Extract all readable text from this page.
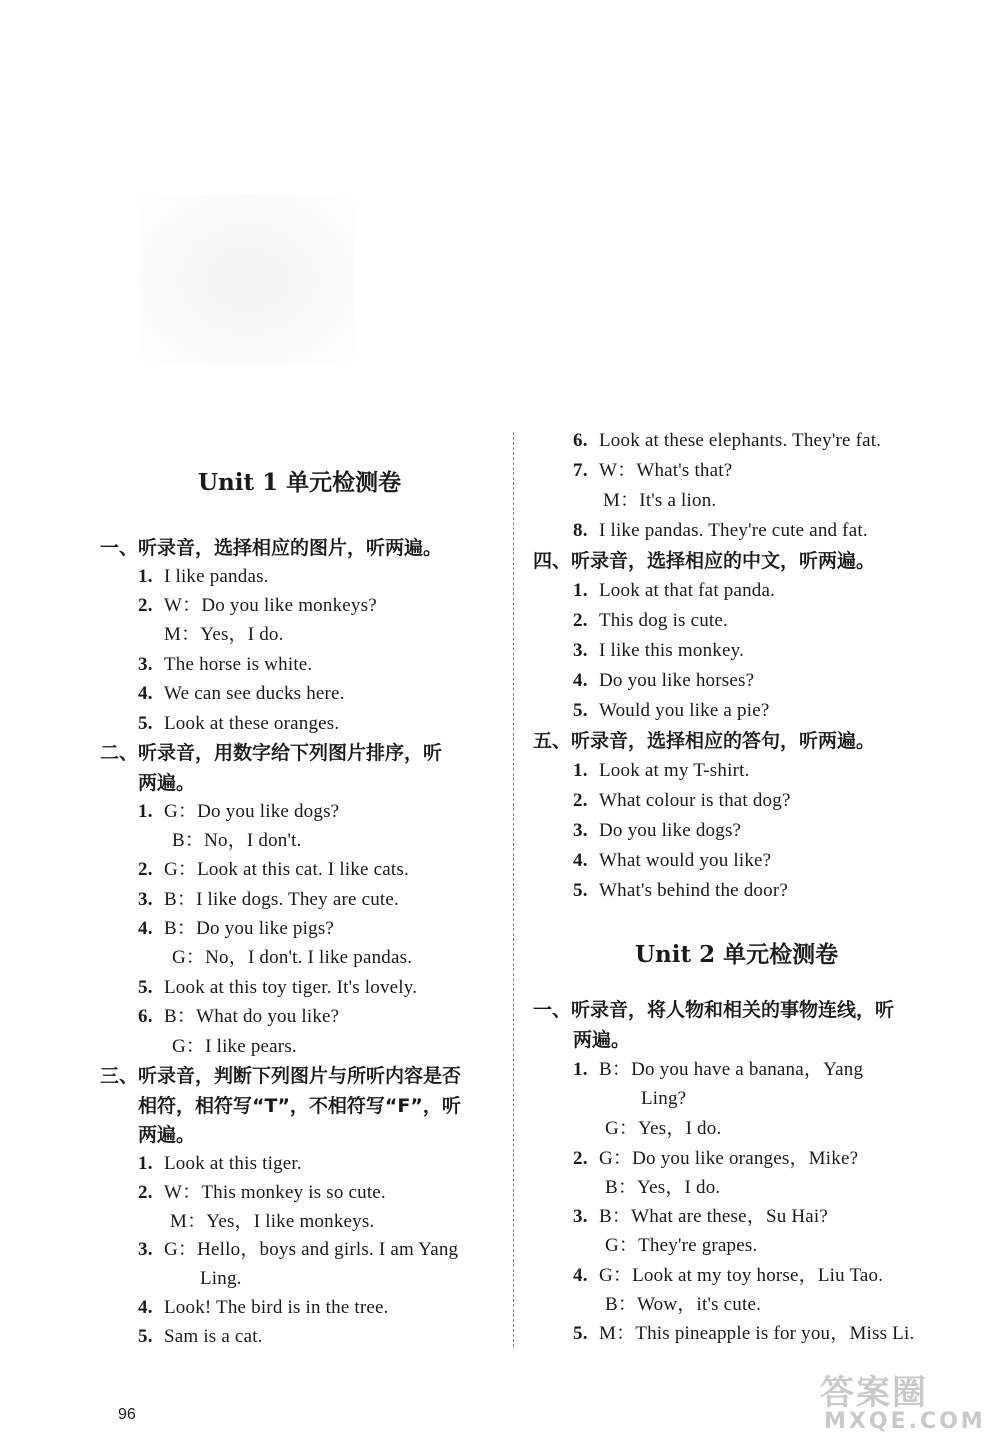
Unit 1 单元检测卷
一、听录音，选择相应的图片，听两遍。
1. I like pandas.
2. W：Do you like monkeys?
M：Yes，I do.
3. The horse is white.
4. We can see ducks here.
5. Look at these oranges.
二、听录音，用数字给下列图片排序，听
两遍。
1. G：Do you like dogs?
B：No，I don't.
2. G：Look at this cat. I like cats.
3. B：I like dogs. They are cute.
4. B：Do you like pigs?
G：No，I don't. I like pandas.
5. Look at this toy tiger. It's lovely.
6. B：What do you like?
G：I like pears.
三、听录音，判断下列图片与所听内容是否
相符，相符写“T”，不相符写“F”，听
两遍。
1. Look at this tiger.
2. W：This monkey is so cute.
M：Yes，I like monkeys.
3. G：Hello，boys and girls. I am Yang
Ling.
4. Look! The bird is in the tree.
5. Sam is a cat.
6. Look at these elephants. They're fat.
7. W：What's that?
M：It's a lion.
8. I like pandas. They're cute and fat.
四、听录音，选择相应的中文，听两遍。
1. Look at that fat panda.
2. This dog is cute.
3. I like this monkey.
4. Do you like horses?
5. Would you like a pie?
五、听录音，选择相应的答句，听两遍。
1. Look at my T-shirt.
2. What colour is that dog?
3. Do you like dogs?
4. What would you like?
5. What's behind the door?
Unit 2 单元检测卷
一、听录音，将人物和相关的事物连线，听
两遍。
1. B：Do you have a banana，Yang
Ling?
G：Yes，I do.
2. G：Do you like oranges，Mike?
B：Yes，I do.
3. B：What are these，Su Hai?
G：They're grapes.
4. G：Look at my toy horse，Liu Tao.
B：Wow，it's cute.
5. M：This pineapple is for you，Miss Li.
96
答案圈
MXQE.COM
